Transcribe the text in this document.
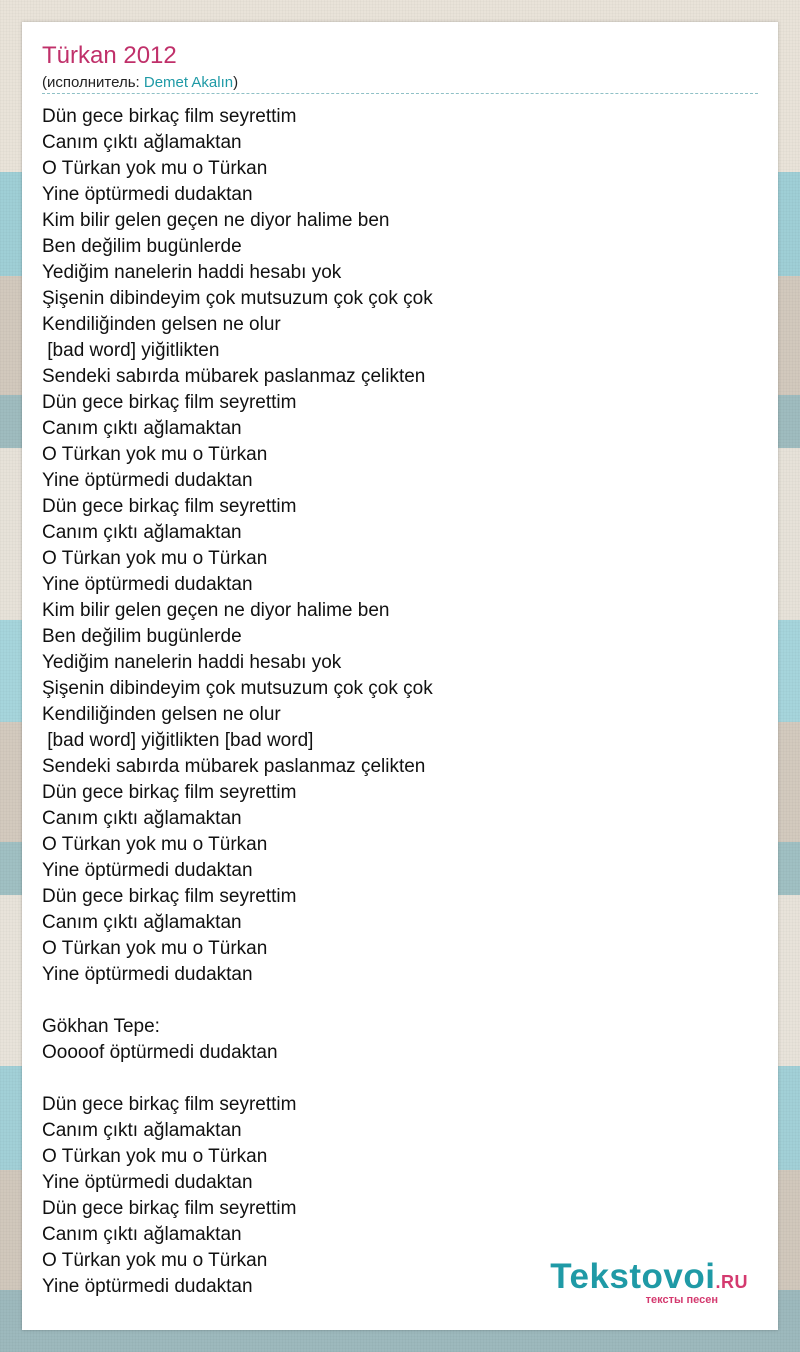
Türkan 2012
(исполнитель: Demet Akalın)
Dün gece birkaç film seyrettim
Canım çıktı ağlamaktan
O Türkan yok mu o Türkan
Yine öptürmedi dudaktan
Kim bilir gelen geçen ne diyor halime ben
Ben değilim bugünlerde
Yediğim nanelerin haddi hesabı yok
Şişenin dibindeyim çok mutsuzum çok çok çok
Kendiliğinden gelsen ne olur
[bad word] yiğitlikten
Sendeki sabırda mübarek paslanmaz çelikten
Dün gece birkaç film seyrettim
Canım çıktı ağlamaktan
O Türkan yok mu o Türkan
Yine öptürmedi dudaktan
Dün gece birkaç film seyrettim
Canım çıktı ağlamaktan
O Türkan yok mu o Türkan
Yine öptürmedi dudaktan
Kim bilir gelen geçen ne diyor halime ben
Ben değilim bugünlerde
Yediğim nanelerin haddi hesabı yok
Şişenin dibindeyim çok mutsuzum çok çok çok
Kendiliğinden gelsen ne olur
[bad word] yiğitlikten [bad word]
Sendeki sabırda mübarek paslanmaz çelikten
Dün gece birkaç film seyrettim
Canım çıktı ağlamaktan
O Türkan yok mu o Türkan
Yine öptürmedi dudaktan
Dün gece birkaç film seyrettim
Canım çıktı ağlamaktan
O Türkan yok mu o Türkan
Yine öptürmedi dudaktan
Gökhan Tepe:
Ooooof öptürmedi dudaktan
Dün gece birkaç film seyrettim
Canım çıktı ağlamaktan
O Türkan yok mu o Türkan
Yine öptürmedi dudaktan
Dün gece birkaç film seyrettim
Canım çıktı ağlamaktan
O Türkan yok mu o Türkan
Yine öptürmedi dudaktan	Tekstovoi.RU
тексты песен
